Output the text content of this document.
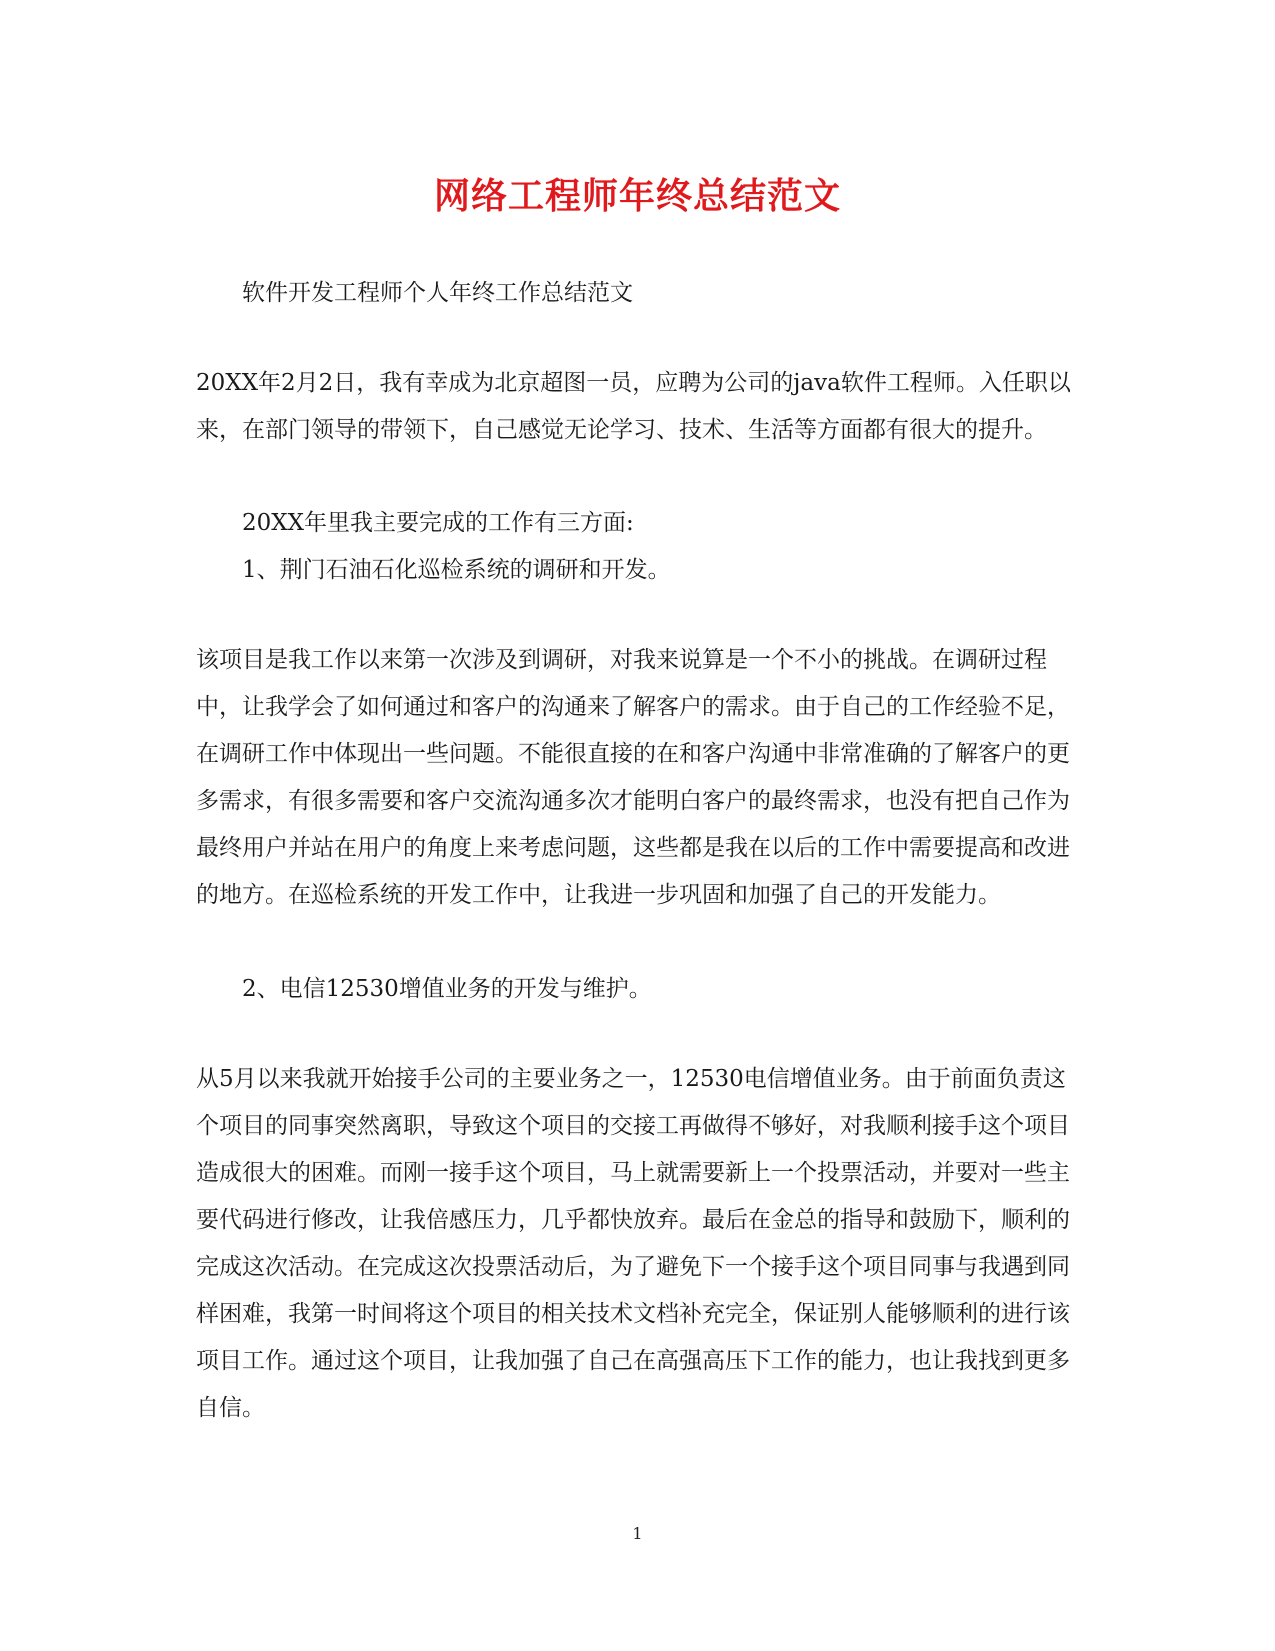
网络工程师年终总结范文

软件开发工程师个人年终工作总结范文

20XX年2月2日，我有幸成为北京超图一员，应聘为公司的java软件工程师。入任职以来，在部门领导的带领下，自己感觉无论学习、技术、生活等方面都有很大的提升。

20XX年里我主要完成的工作有三方面:

1、荆门石油石化巡检系统的调研和开发。

该项目是我工作以来第一次涉及到调研，对我来说算是一个不小的挑战。在调研过程中，让我学会了如何通过和客户的沟通来了解客户的需求。由于自己的工作经验不足，在调研工作中体现出一些问题。不能很直接的在和客户沟通中非常准确的了解客户的更多需求，有很多需要和客户交流沟通多次才能明白客户的最终需求，也没有把自己作为最终用户并站在用户的角度上来考虑问题，这些都是我在以后的工作中需要提高和改进的地方。在巡检系统的开发工作中，让我进一步巩固和加强了自己的开发能力。

2、电信12530增值业务的开发与维护。

从5月以来我就开始接手公司的主要业务之一，12530电信增值业务。由于前面负责这个项目的同事突然离职，导致这个项目的交接工再做得不够好，对我顺利接手这个项目造成很大的困难。而刚一接手这个项目，马上就需要新上一个投票活动，并要对一些主要代码进行修改，让我倍感压力，几乎都快放弃。最后在金总的指导和鼓励下，顺利的完成这次活动。在完成这次投票活动后，为了避免下一个接手这个项目同事与我遇到同样困难，我第一时间将这个项目的相关技术文档补充完全，保证别人能够顺利的进行该项目工作。通过这个项目，让我加强了自己在高强高压下工作的能力，也让我找到更多自信。

1
